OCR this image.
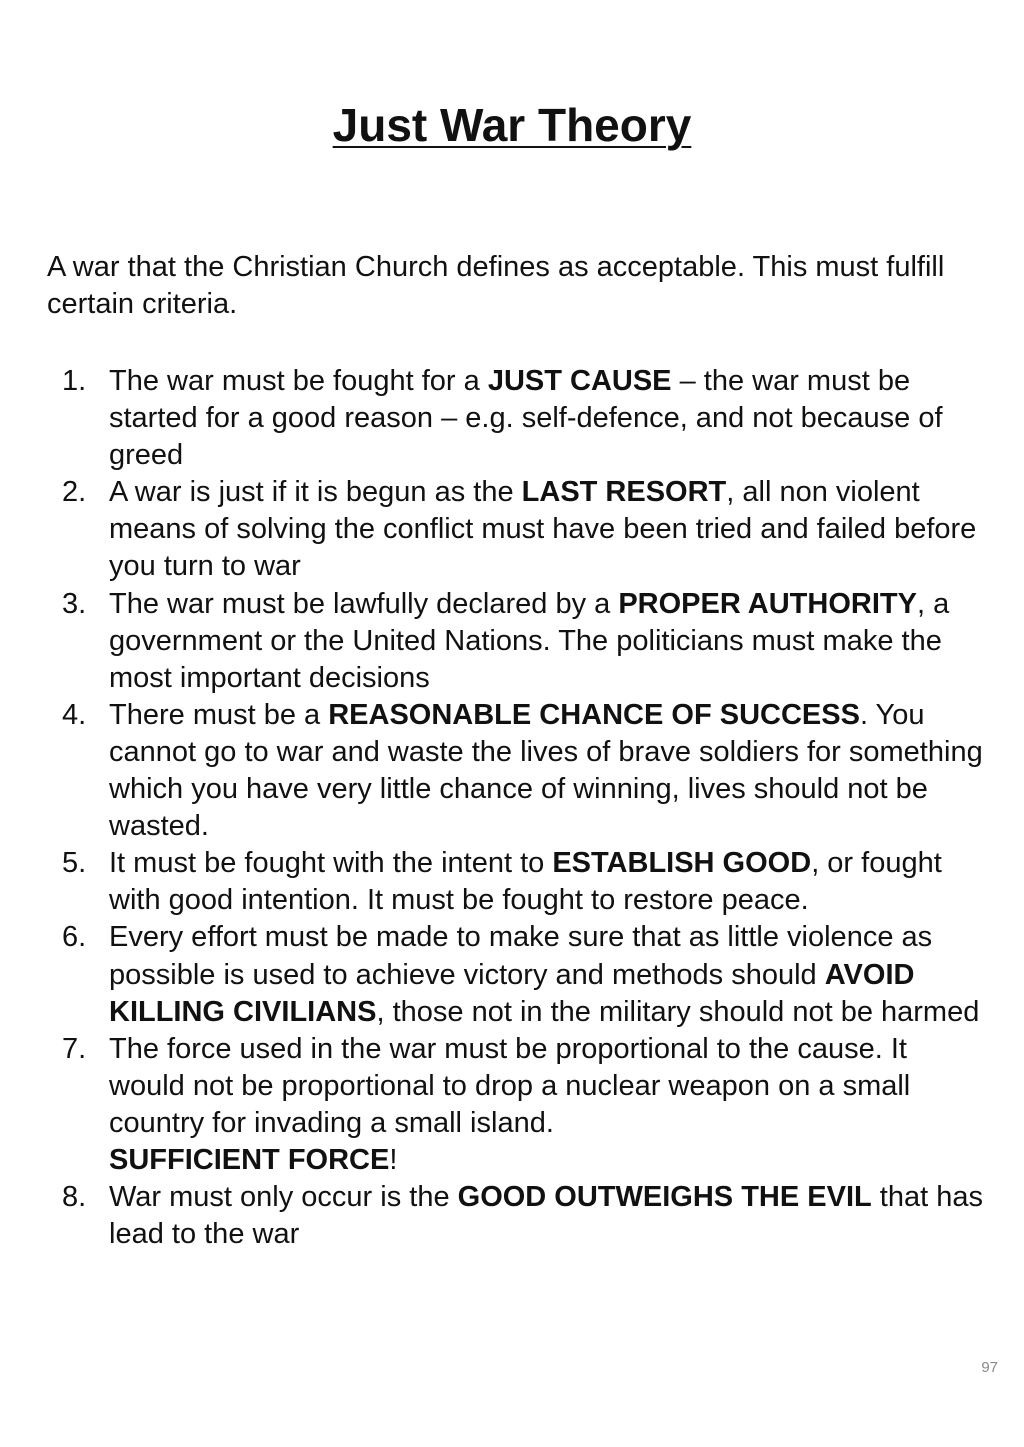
Just War Theory

A war that the Christian Church defines as acceptable. This must fulfill certain criteria.

1. The war must be fought for a JUST CAUSE – the war must be started for a good reason – e.g. self-defence, and not because of greed
2. A war is just if it is begun as the LAST RESORT, all non violent means of solving the conflict must have been tried and failed before you turn to war
3. The war must be lawfully declared by a PROPER AUTHORITY, a government or the United Nations. The politicians must make the most important decisions
4. There must be a REASONABLE CHANCE OF SUCCESS. You cannot go to war and waste the lives of brave soldiers for something which you have very little chance of winning, lives should not be wasted.
5. It must be fought with the intent to ESTABLISH GOOD, or fought with good intention. It must be fought to restore peace.
6. Every effort must be made to make sure that as little violence as possible is used to achieve victory and methods should AVOID KILLING CIVILIANS, those not in the military should not be harmed
7. The force used in the war must be proportional to the cause. It would not be proportional to drop a nuclear weapon on a small country for invading a small island.
SUFFICIENT FORCE!
8. War must only occur is the GOOD OUTWEIGHS THE EVIL that has lead to the war
97
